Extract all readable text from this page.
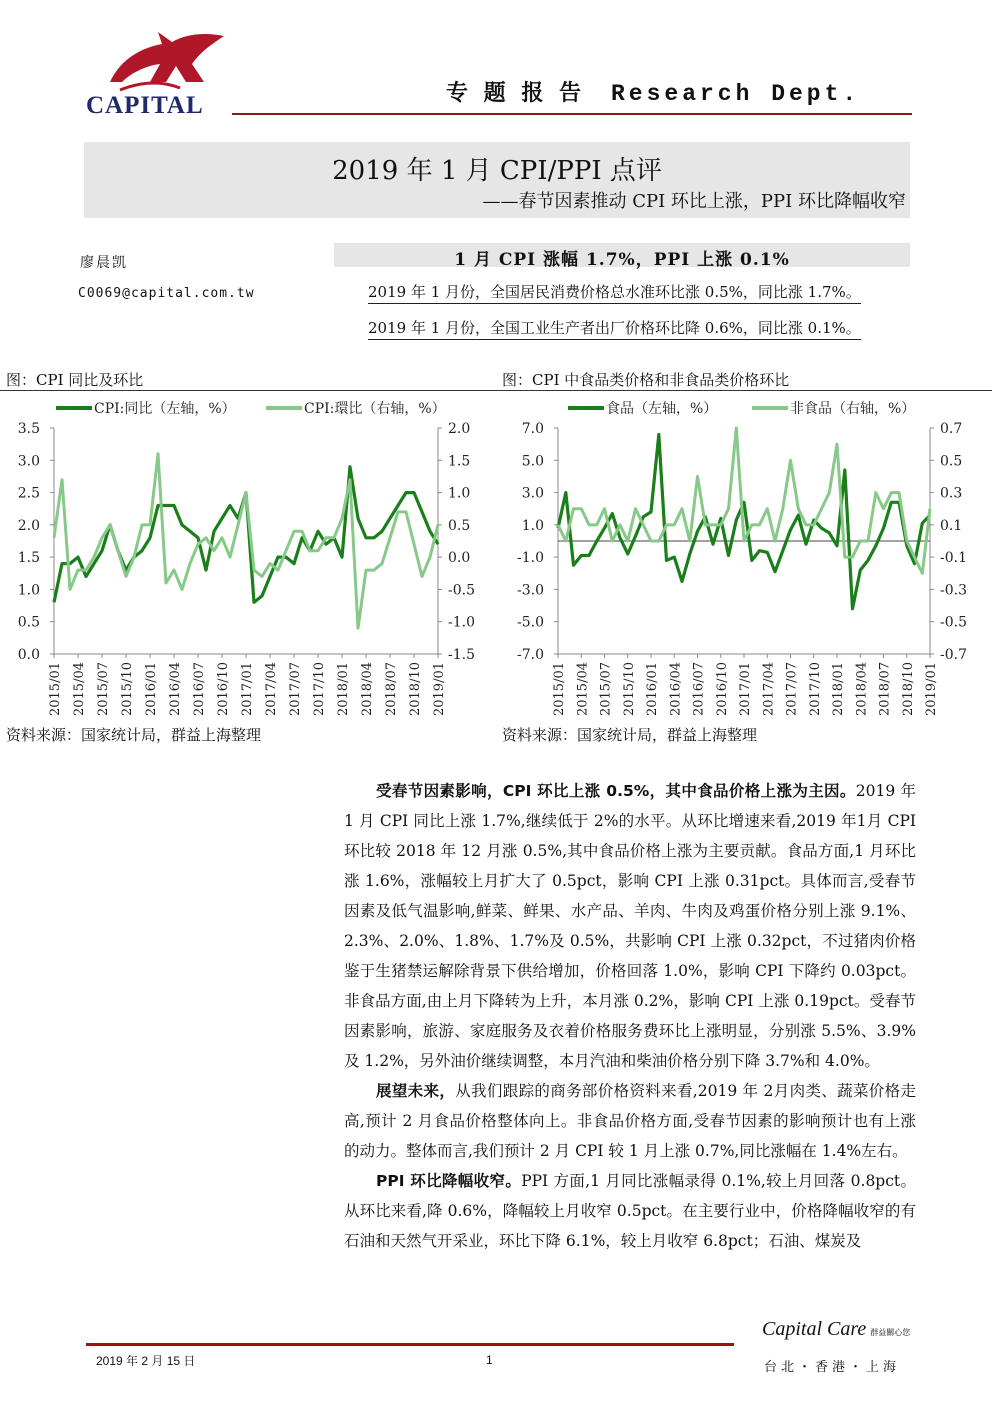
CAPITAL	专 题 报 告 Research Dept.
2019 年 1 月 CPI/PPI 点评
——春节因素推动 CPI 环比上涨，PPI 环比降幅收窄
廖晨凯
C0069@capital.com.tw
1 月 CPI 涨幅 1.7%，PPI 上涨 0.1%
2019 年 1 月份，全国居民消费价格总水准环比涨 0.5%，同比涨 1.7%。
2019 年 1 月份，全国工业生产者出厂价格环比降 0.6%，同比涨 0.1%。
图：CPI 同比及环比	图：CPI 中食品类价格和非食品类价格环比
3.5
3.0
2.5
2.0
1.5
1.0
0.5
0.0
2.0
1.5
1.0
0.5
0.0
-0.5
-1.0
-1.5
2015/01 2015/04 2015/07 2015/10 2016/01 2016/04 2016/07 2016/10 2017/01 2017/04 2017/07 2017/10 2018/01 2018/04 2018/07 2018/10 2019/01
CPI:同比（左轴，%）	CPI:環比（右轴，%）
7.0
5.0
3.0
1.0
-1.0
-3.0
-5.0
-7.0
0.7
0.5
0.3
0.1
-0.1
-0.3
-0.5
-0.7
2015/01 2015/04 2015/07 2015/10 2016/01 2016/04 2016/07 2016/10 2017/01 2017/04 2017/07 2017/10 2018/01 2018/04 2018/07 2018/10 2019/01
食品（左轴，%）	非食品（右轴，%）
资料来源：国家统计局，群益上海整理	资料来源：国家统计局，群益上海整理

受春节因素影响，CPI 环比上涨 0.5%，其中食品价格上涨为主因。2019 年 1 月 CPI 同比上涨 1.7%,继续低于 2%的水平。从环比增速来看,2019 年1月 CPI 环比较 2018 年 12 月涨 0.5%,其中食品价格上涨为主要贡献。食品方面,1 月环比涨 1.6%，涨幅较上月扩大了 0.5pct，影响 CPI 上涨 0.31pct。具体而言,受春节因素及低气温影响,鲜菜、鲜果、水产品、羊肉、牛肉及鸡蛋价格分别上涨 9.1%、2.3%、2.0%、1.8%、1.7%及 0.5%，共影响 CPI 上涨 0.32pct，不过猪肉价格鉴于生猪禁运解除背景下供给增加，价格回落 1.0%，影响 CPI 下降约 0.03pct。非食品方面,由上月下降转为上升，本月涨 0.2%，影响 CPI 上涨 0.19pct。受春节因素影响，旅游、家庭服务及衣着价格服务费环比上涨明显，分别涨 5.5%、3.9%及 1.2%，另外油价继续调整，本月汽油和柴油价格分别下降 3.7%和 4.0%。

展望未来，从我们跟踪的商务部价格资料来看,2019 年 2月肉类、蔬菜价格走高,预计 2 月食品价格整体向上。非食品价格方面,受春节因素的影响预计也有上涨的动力。整体而言,我们预计 2 月 CPI 较 1 月上涨 0.7%,同比涨幅在 1.4%左右。

PPI 环比降幅收窄。PPI 方面,1 月同比涨幅录得 0.1%,较上月回落 0.8pct。从环比来看,降 0.6%，降幅较上月收窄 0.5pct。在主要行业中，价格降幅收窄的有石油和天然气开采业，环比下降 6.1%，较上月收窄 6.8pct；石油、煤炭及

Capital Care 群益關心您
2019 年 2 月 15 日	1	台北・香港・上海
